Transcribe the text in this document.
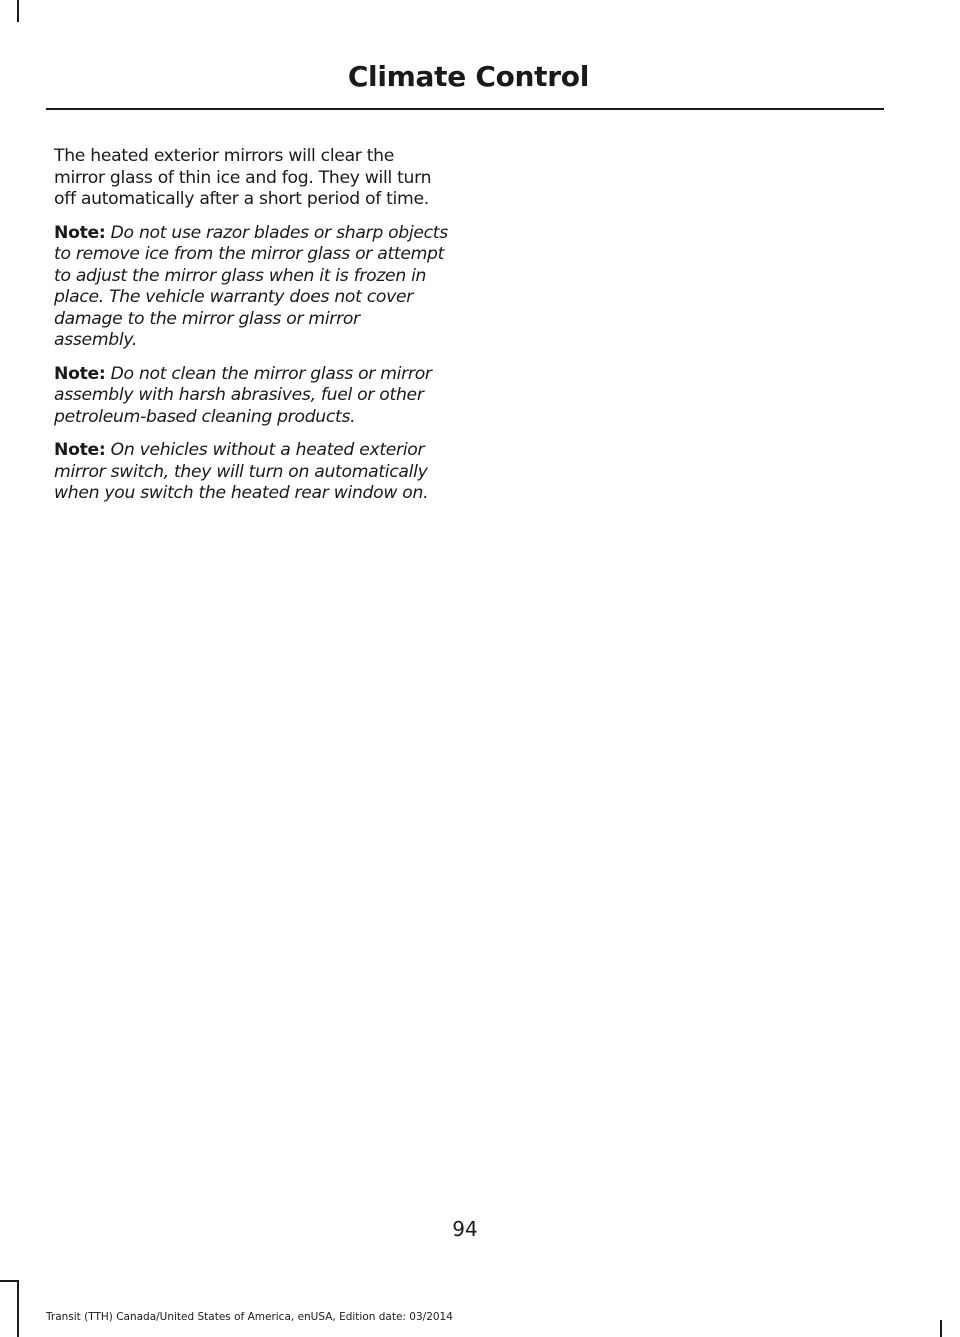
Climate Control

The heated exterior mirrors will clear the mirror glass of thin ice and fog. They will turn off automatically after a short period of time.

Note: Do not use razor blades or sharp objects to remove ice from the mirror glass or attempt to adjust the mirror glass when it is frozen in place. The vehicle warranty does not cover damage to the mirror glass or mirror assembly.

Note: Do not clean the mirror glass or mirror assembly with harsh abrasives, fuel or other petroleum-based cleaning products.

Note: On vehicles without a heated exterior mirror switch, they will turn on automatically when you switch the heated rear window on.

94
Transit (TTH) Canada/United States of America, enUSA, Edition date: 03/2014
